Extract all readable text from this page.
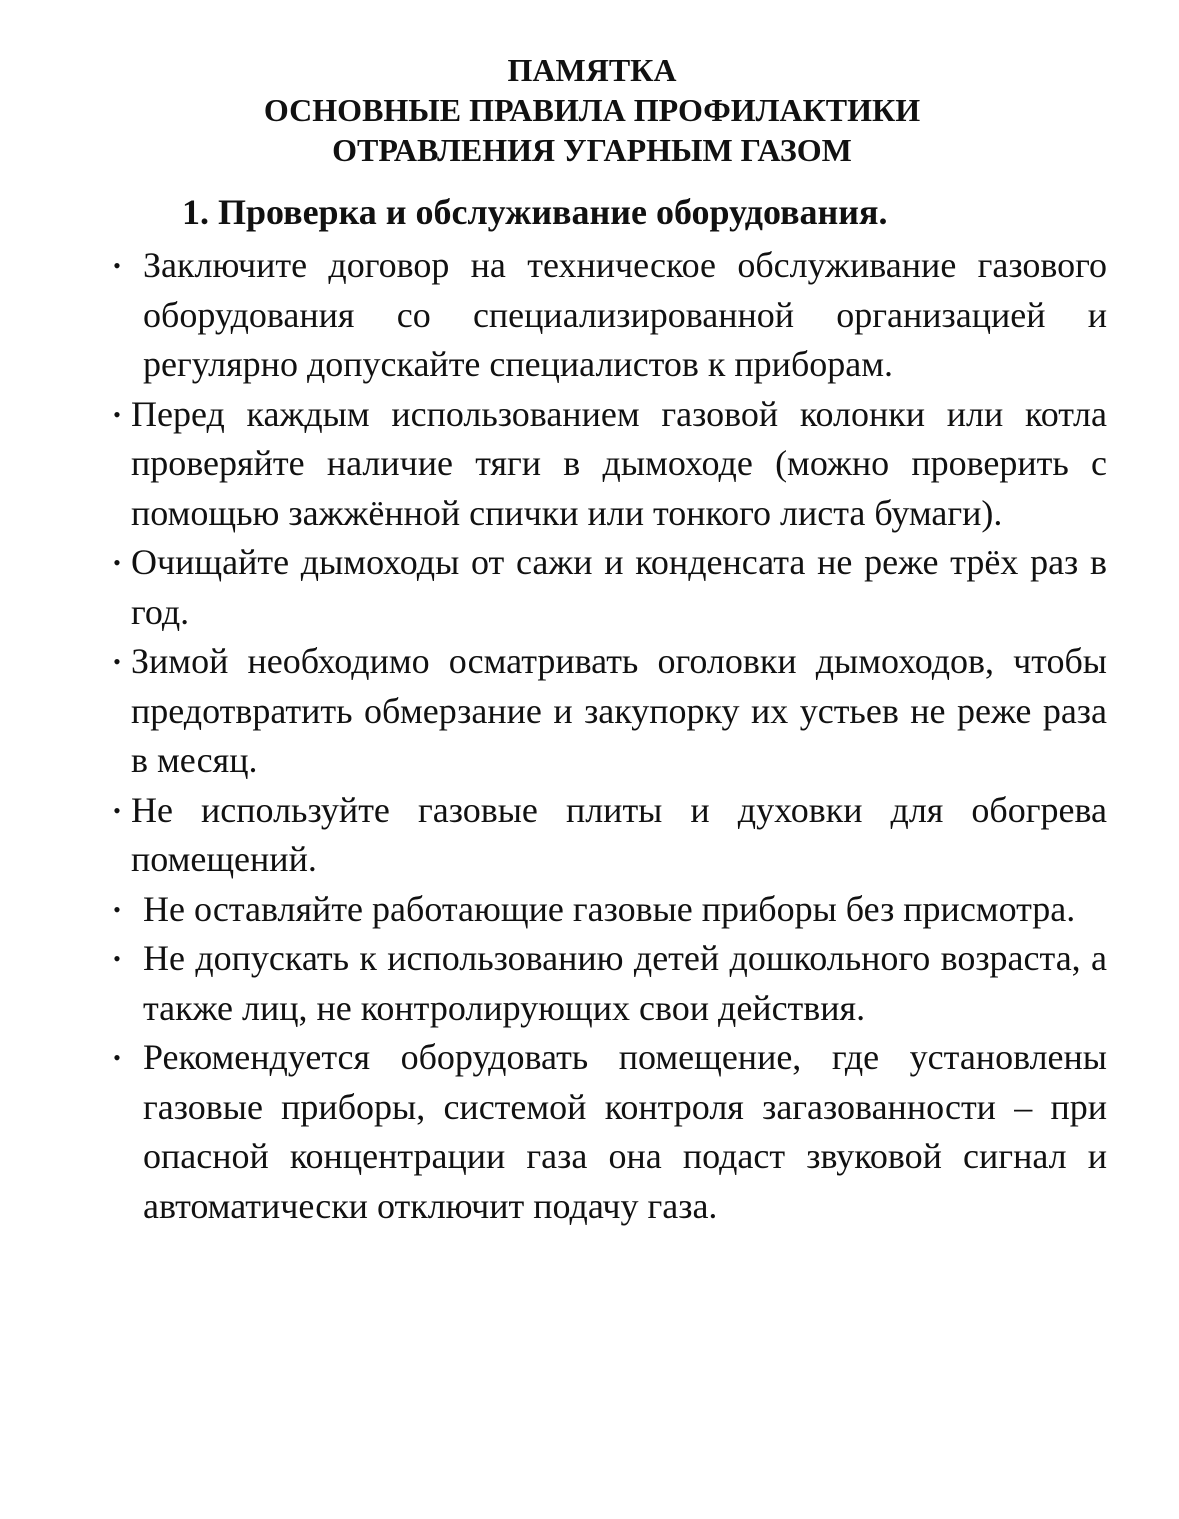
ПАМЯТКА
ОСНОВНЫЕ ПРАВИЛА ПРОФИЛАКТИКИ
ОТРАВЛЕНИЯ УГАРНЫМ ГАЗОМ
1. Проверка и обслуживание оборудования.
• Заключите договор на техническое обслуживание газового оборудования со специализированной организацией и регулярно допускайте специалистов к приборам.
• Перед каждым использованием газовой колонки или котла проверяйте наличие тяги в дымоходе (можно проверить с помощью зажжённой спички или тонкого листа бумаги).
• Очищайте дымоходы от сажи и конденсата не реже трёх раз в год.
• Зимой необходимо осматривать оголовки дымоходов, чтобы предотвратить обмерзание и закупорку их устьев не реже раза в месяц.
• Не используйте газовые плиты и духовки для обогрева помещений.
• Не оставляйте работающие газовые приборы без присмотра.
• Не допускать к использованию детей дошкольного возраста, а также лиц, не контролирующих свои действия.
• Рекомендуется оборудовать помещение, где установлены газовые приборы, системой контроля загазованности – при опасной концентрации газа она подаст звуковой сигнал и автоматически отключит подачу газа.
